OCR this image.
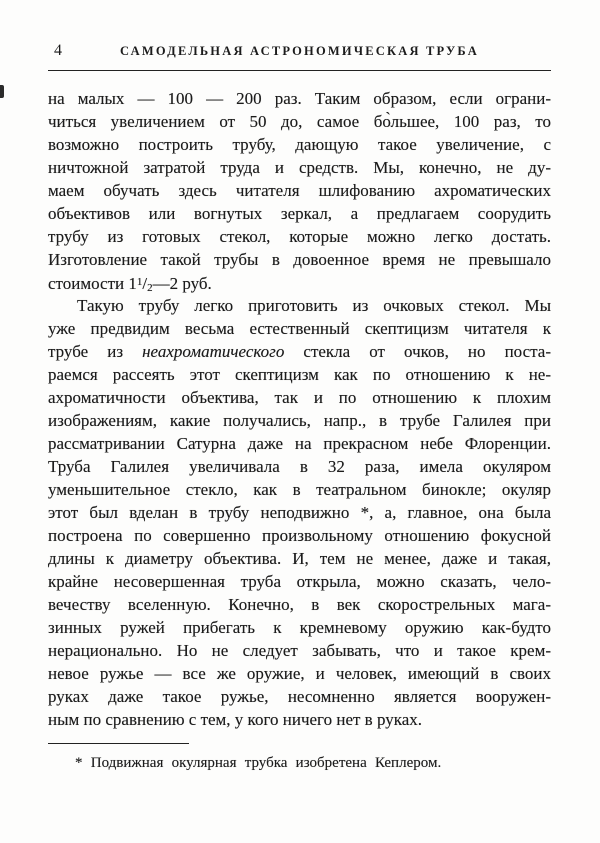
4	САМОДЕЛЬНАЯ АСТРОНОМИЧЕСКАЯ ТРУБА
на малых — 100 — 200 раз. Таким образом, если ограни-
читься увеличением от 50 до, самое бо̀льшее, 100 раз, то
возможно построить трубу, дающую такое увеличение, с
ничтожной затратой труда и средств. Мы, конечно, не ду-
маем обучать здесь читателя шлифованию ахроматических
объективов или вогнутых зеркал, а предлагаем соорудить
трубу из готовых стекол, которые можно легко достать.
Изготовление такой трубы в довоенное время не превышало
стоимости $1^1/2—2$ руб.
Такую трубу легко приготовить из очковых стекол. Мы
уже предвидим весьма естественный скептицизм читателя к
трубе из неахроматического стекла от очков, но поста-
раемся рассеять этот скептицизм как по отношению к не-
ахроматичности объектива, так и по отношению к плохим
изображениям, какие получались, напр., в трубе Галилея при
рассматривании Сатурна даже на прекрасном небе Флоренции.
Труба Галилея увеличивала в 32 раза, имела окуляром
уменьшительное стекло, как в театральном бинокле; окуляр
этот был вделан в трубу неподвижно *, а, главное, она была
построена по совершенно произвольному отношению фокусной
длины к диаметру объектива. И, тем не менее, даже и такая,
крайне несовершенная труба открыла, можно сказать, чело-
вечеству вселенную. Конечно, в век скорострельных мага-
зинных ружей прибегать к кремневому оружию как-будто
нерационально. Но не следует забывать, что и такое крем-
невое ружье — все же оружие, и человек, имеющий в своих
руках даже такое ружье, несомненно является вооружен-
ным по сравнению с тем, у кого ничего нет в руках.
* Подвижная окулярная трубка изобретена Кеплером.
